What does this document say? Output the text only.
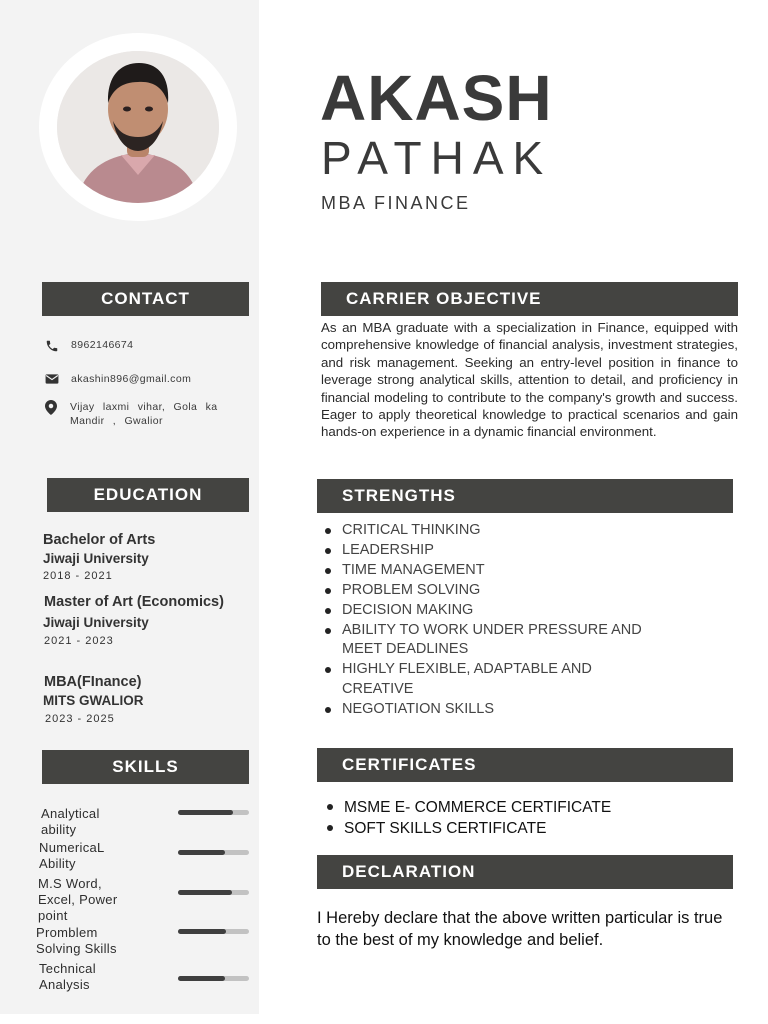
AKASH
PATHAK
MBA FINANCE
CONTACT
8962146674
akashin896@gmail.com
Vijay laxmi vihar, Gola ka Mandir , Gwalior
EDUCATION
Bachelor of Arts
Jiwaji University
2018 - 2021
Master of Art (Economics)
Jiwaji University
2021 - 2023
MBA(FInance)
MITS GWALIOR
2023 - 2025
SKILLS
Analytical ability
NumericaL Ability
M.S Word, Excel, Power point
Promblem Solving Skills
Technical Analysis
CARRIER OBJECTIVE
As an MBA graduate with a specialization in Finance, equipped with comprehensive knowledge of financial analysis, investment strategies, and risk management. Seeking an entry-level position in finance to leverage strong analytical skills, attention to detail, and proficiency in financial modeling to contribute to the company's growth and success. Eager to apply theoretical knowledge to practical scenarios and gain hands-on experience in a dynamic financial environment.
STRENGTHS
CRITICAL THINKING
LEADERSHIP
TIME MANAGEMENT
PROBLEM SOLVING
DECISION MAKING
ABILITY TO WORK UNDER PRESSURE AND MEET DEADLINES
HIGHLY FLEXIBLE, ADAPTABLE AND CREATIVE
NEGOTIATION SKILLS
CERTIFICATES
MSME E- COMMERCE CERTIFICATE
SOFT SKILLS CERTIFICATE
DECLARATION
I Hereby declare that the above written particular is true to the best of my knowledge and belief.
